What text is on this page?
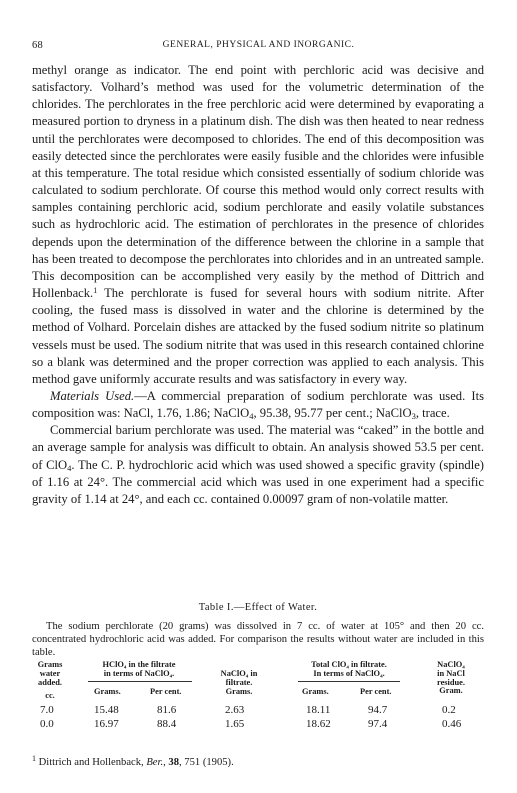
68	GENERAL, PHYSICAL AND INORGANIC.

methyl orange as indicator. The end point with perchloric acid was decisive and satisfactory. Volhard’s method was used for the volumetric determination of the chlorides. The perchlorates in the free perchloric acid were determined by evaporating a measured portion to dryness in a platinum dish. The dish was then heated to near redness until the perchlorates were decomposed to chlorides. The end of this decomposition was easily detected since the perchlorates were easily fusible and the chlorides were infusible at this temperature. The total residue which consisted essentially of sodium chloride was calculated to sodium perchlorate. Of course this method would only correct results with samples containing perchloric acid, sodium perchlorate and easily volatile substances such as hydrochloric acid. The estimation of perchlorates in the presence of chlorides depends upon the determination of the difference between the chlorine in a sample that has been treated to decompose the perchlorates into chlorides and in an untreated sample. This decomposition can be accomplished very easily by the method of Dittrich and Hollenback.$^1$ The perchlorate is fused for several hours with sodium nitrite. After cooling, the fused mass is dissolved in water and the chlorine is determined by the method of Volhard. Porcelain dishes are attacked by the fused sodium nitrite so platinum vessels must be used. The sodium nitrite that was used in this research contained chlorine so a blank was determined and the proper correction was applied to each analysis. This method gave uniformly accurate results and was satisfactory in every way.

Materials Used.—A commercial preparation of sodium perchlorate was used. Its composition was: NaCl, 1.76, 1.86; NaClO$_4$, 95.38, 95.77 per cent.; NaClO$_3$, trace.

Commercial barium perchlorate was used. The material was “caked” in the bottle and an average sample for analysis was difficult to obtain. An analysis showed 53.5 per cent. of ClO$_4$. The C. P. hydrochloric acid which was used showed a specific gravity (spindle) of 1.16 at 24°. The commercial acid which was used in one experiment had a specific gravity of 1.14 at 24°, and each cc. contained 0.00097 gram of non-volatile matter.

Table I.—Effect of Water.

The sodium perchlorate (20 grams) was dissolved in 7 cc. of water at 105° and then 20 cc. concentrated hydrochloric acid was added. For comparison the results without water are included in this table.

Grams
water
added.
cc.
HClO₄ in the filtrate
in terms of NaClO₄.
Grams.	Per cent.
NaClO₄ in
filtrate.
Grams.
Total ClO₄ in filtrate.
In terms of NaClO₄.
Grams.	Per cent.
NaClO₄
in NaCl
residue.
Gram.
7.0	15.48	81.6	2.63	18.11	94.7	0.2
0.0	16.97	88.4	1.65	18.62	97.4	0.46
$^1$ Dittrich and Hollenback, Ber., 38, 751 (1905).
